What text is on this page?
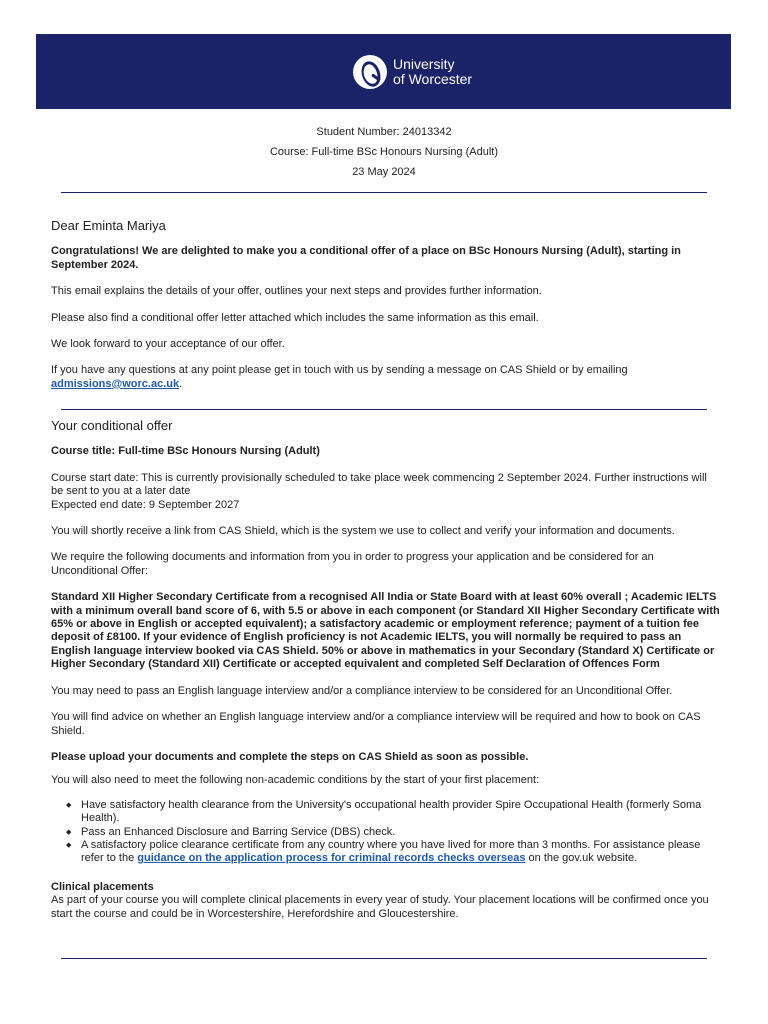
University
of Worcester
Student Number: 24013342
Course: Full-time BSc Honours Nursing (Adult)
23 May 2024
Dear Eminta Mariya

Congratulations! We are delighted to make you a conditional offer of a place on BSc Honours Nursing (Adult), starting in September 2024.

This email explains the details of your offer, outlines your next steps and provides further information.

Please also find a conditional offer letter attached which includes the same information as this email.

We look forward to your acceptance of our offer.

If you have any questions at any point please get in touch with us by sending a message on CAS Shield or by emailing admissions@worc.ac.uk.

Your conditional offer

Course title: Full-time BSc Honours Nursing (Adult)

Course start date: This is currently provisionally scheduled to take place week commencing 2 September 2024. Further instructions will be sent to you at a later date

Expected end date: 9 September 2027

You will shortly receive a link from CAS Shield, which is the system we use to collect and verify your information and documents.

We require the following documents and information from you in order to progress your application and be considered for an Unconditional Offer:

Standard XII Higher Secondary Certificate from a recognised All India or State Board with at least 60% overall ; Academic IELTS with a minimum overall band score of 6, with 5.5 or above in each component (or Standard XII Higher Secondary Certificate with 65% or above in English or accepted equivalent); a satisfactory academic or employment reference; payment of a tuition fee deposit of £8100. If your evidence of English proficiency is not Academic IELTS, you will normally be required to pass an English language interview booked via CAS Shield. 50% or above in mathematics in your Secondary (Standard X) Certificate or Higher Secondary (Standard XII) Certificate or accepted equivalent and completed Self Declaration of Offences Form

You may need to pass an English language interview and/or a compliance interview to be considered for an Unconditional Offer.

You will find advice on whether an English language interview and/or a compliance interview will be required and how to book on CAS Shield.

Please upload your documents and complete the steps on CAS Shield as soon as possible.

You will also need to meet the following non-academic conditions by the start of your first placement:

◆ Have satisfactory health clearance from the University's occupational health provider Spire Occupational Health (formerly Soma Health).
◆ Pass an Enhanced Disclosure and Barring Service (DBS) check.
◆ A satisfactory police clearance certificate from any country where you have lived for more than 3 months. For assistance please refer to the guidance on the application process for criminal records checks overseas on the gov.uk website.

Clinical placements

As part of your course you will complete clinical placements in every year of study. Your placement locations will be confirmed once you start the course and could be in Worcestershire, Herefordshire and Gloucestershire.
